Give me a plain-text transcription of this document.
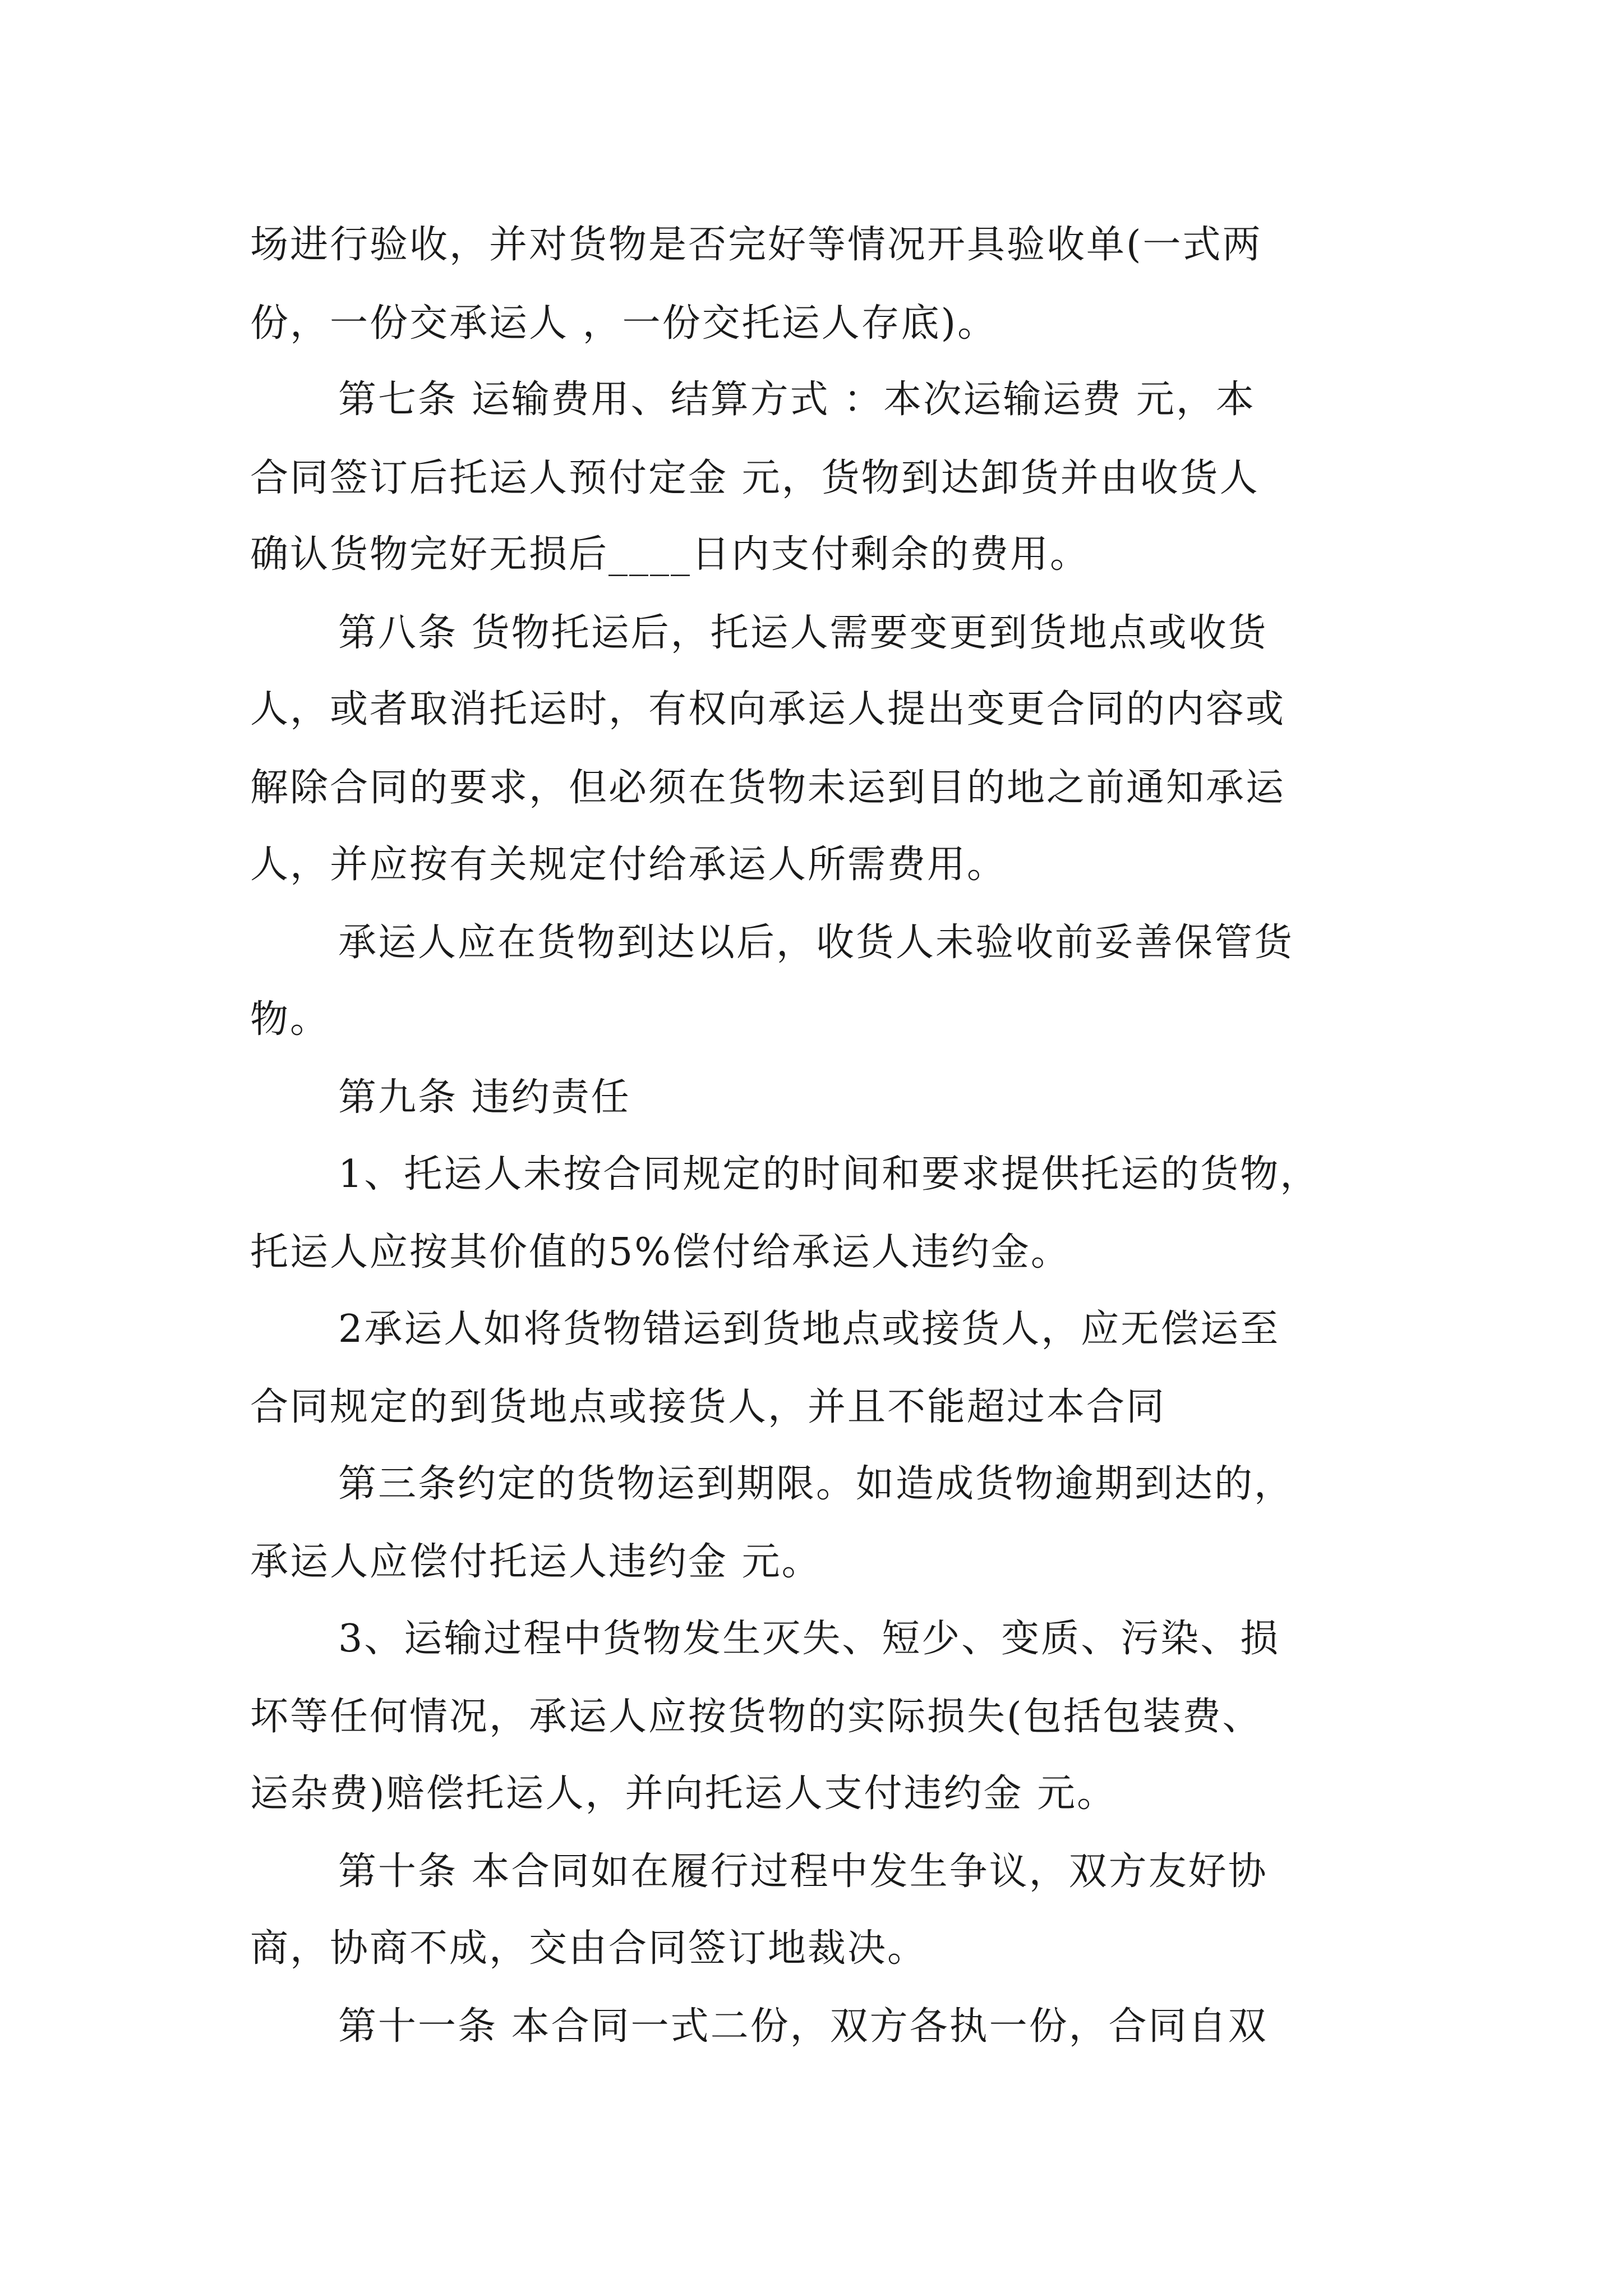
场进行验收，并对货物是否完好等情况开具验收单(一式两
份，一份交承运人 ，一份交托运人存底)。
第七条 运输费用、结算方式 ：本次运输运费 元，本
合同签订后托运人预付定金 元，货物到达卸货并由收货人
确认货物完好无损后____日内支付剩余的费用。
第八条 货物托运后，托运人需要变更到货地点或收货
人，或者取消托运时，有权向承运人提出变更合同的内容或
解除合同的要求，但必须在货物未运到目的地之前通知承运
人，并应按有关规定付给承运人所需费用。
承运人应在货物到达以后，收货人未验收前妥善保管货
物。
第九条 违约责任
1、托运人未按合同规定的时间和要求提供托运的货物，
托运人应按其价值的5%偿付给承运人违约金。
2承运人如将货物错运到货地点或接货人，应无偿运至
合同规定的到货地点或接货人，并且不能超过本合同
第三条约定的货物运到期限。如造成货物逾期到达的，
承运人应偿付托运人违约金 元。
3、运输过程中货物发生灭失、短少、变质、污染、损
坏等任何情况，承运人应按货物的实际损失(包括包装费、
运杂费)赔偿托运人，并向托运人支付违约金 元。
第十条 本合同如在履行过程中发生争议，双方友好协
商，协商不成，交由合同签订地裁决。
第十一条 本合同一式二份，双方各执一份，合同自双
